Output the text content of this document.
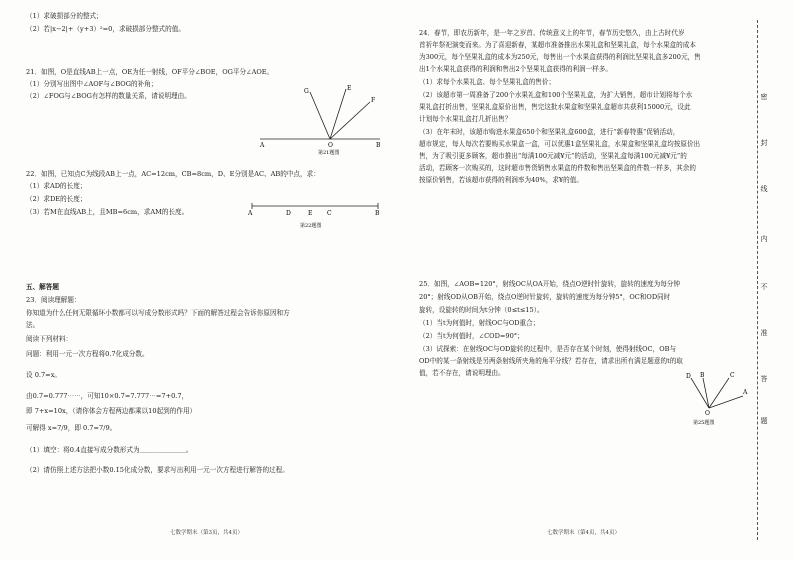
（1）求破损部分的整式；
（2）若|x−2|+（y+3）²=0，求破损部分整式的值。
21．如图，O是直线AB上一点，OE为任一射线，OF平分∠BOE，OG平分∠AOE。
（1）分别写出图中∠AOF与∠BOG的补角；
（2）∠FOG与∠BOG有怎样的数量关系，请说明理由。
G	E
F
A	O	B
第21题图
22．如图，已知点C为线段AB上一点，AC=12cm，CB=8cm，D、E分别是AC、AB的中点，求：
（1）求AD的长度；
（2）求DE的长度；
（3）若M在直线AB上，且MB=6cm，求AM的长度。	A	D	E C	B
第22题图
五、解答题
23．阅读理解题：
你知道为什么任何无限循环小数都可以写成分数形式吗？下面的解答过程会告诉你原因和方
法。
阅读下列材料：
问题：利用一元一次方程将0.7̇化成分数。
设 0.7̇=x。
由0.7̇=0.777⋯⋯，可知10×0.7̇=7.777⋯=7+0.7̇，
即 7+x=10x，（请你体会方程两边都乘以10起到的作用）
可解得 x=7/9，即 0.7̇=7/9。
（1）填空：将0.4̇直接写成分数形式为＿＿＿＿＿＿＿。
（2）请仿照上述方法把小数0.1̇5̇化成分数，要求写出利用一元一次方程进行解答的过程。
七数学期末（第3页，共4页）
24．春节，即农历新年，是一年之岁首、传统意义上的年节，春节历史悠久，由上古时代岁
首祈年祭祀演变而来。为了喜迎新春，某超市准备推出水果礼盒和坚果礼盒，每个水果盒的成本
为300元，每个坚果礼盒的成本为250元，每售出一个水果盒获得的利润比坚果礼盒多200元，售
出1个水果礼盒获得的利润和售出2个坚果礼盒获得的利润一样多。
（1）求每个水果礼盒、每个坚果礼盒的售价；
（2）该超市第一周准备了200个水果礼盒和100个坚果礼盒，为扩大销售，超市计划将每个水
果礼盒打折出售，坚果礼盒原价出售，售完这批水果盒和坚果礼盒超市共获利15000元，设此
计划每个水果礼盒打几折出售？
（3）在年末时，该超市购进水果盒650个和坚果礼盒600盒，进行“新春特惠”促销活动，
超市规定，每人每次若要购买水果盒一盒，可以优惠1盒坚果礼盒，水果盒和坚果礼盒均按原价出
售，为了吸引更多顾客，超市推出“每满100元减¥元”的活动，坚果礼盒每满100元减¥元”的
活动，若顾客一次购买的，这时超市售货销售水果盒的件数和售出坚果盒的件数一样多，其余的
按原价销售，若该超市获得的利润率为40%，求¥的值。
25．如图，∠AOB=120°，射线OC从OA开始，绕点O逆时针旋转，旋转的速度为每分钟
20°；射线OD从OB开始，绕点O逆时针旋转，旋转的速度为每分钟5°，OC和OD同时
旋转，设旋转的时间为t分钟（0≤t≤15）。
（1）当t为何值时，射线OC与OD重合；
（2）当t为何值时，∠COD=90°；
（3）试探索：在射线OC与OD旋转的过程中，是否存在某个时刻，使得射线OC，OB与
OD中的某一条射线是另两条射线所夹角的角平分线？若存在，请求出所有满足题意的t的取
值，若不存在，请说明理由。	D B	C
A
O
第25题图
七数学期末（第4页，共4页）
密
封
线
内
不
准
答
题
